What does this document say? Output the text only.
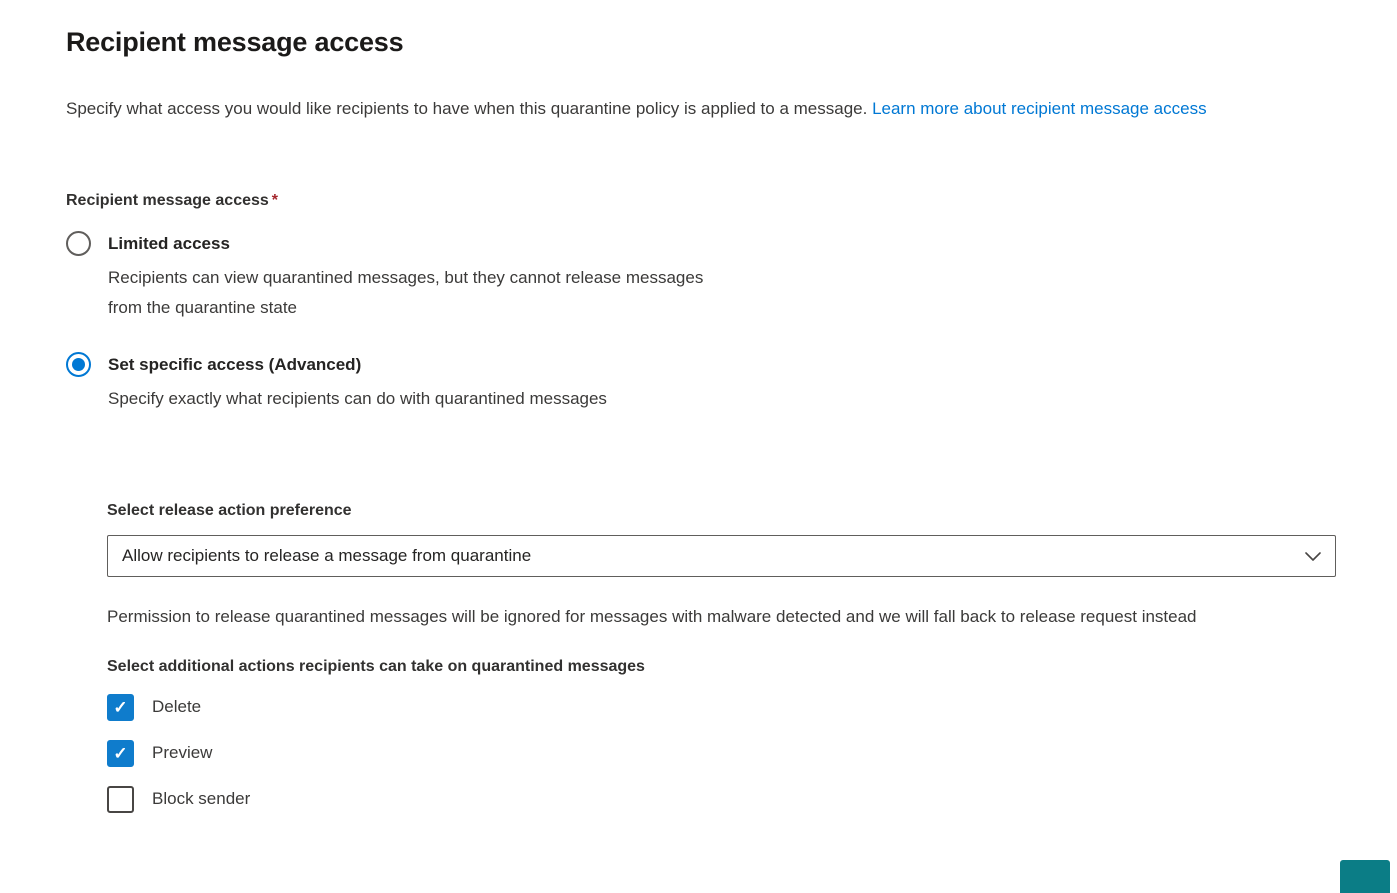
Recipient message access

Specify what access you would like recipients to have when this quarantine policy is applied to a message. Learn more about recipient message access

Recipient message access *
Limited access
Recipients can view quarantined messages, but they cannot release messages from the quarantine state
Set specific access (Advanced)
Specify exactly what recipients can do with quarantined messages
Select release action preference
Allow recipients to release a message from quarantine

Permission to release quarantined messages will be ignored for messages with malware detected and we will fall back to release request instead

Select additional actions recipients can take on quarantined messages
✓ Delete
✓ Preview
Block sender
